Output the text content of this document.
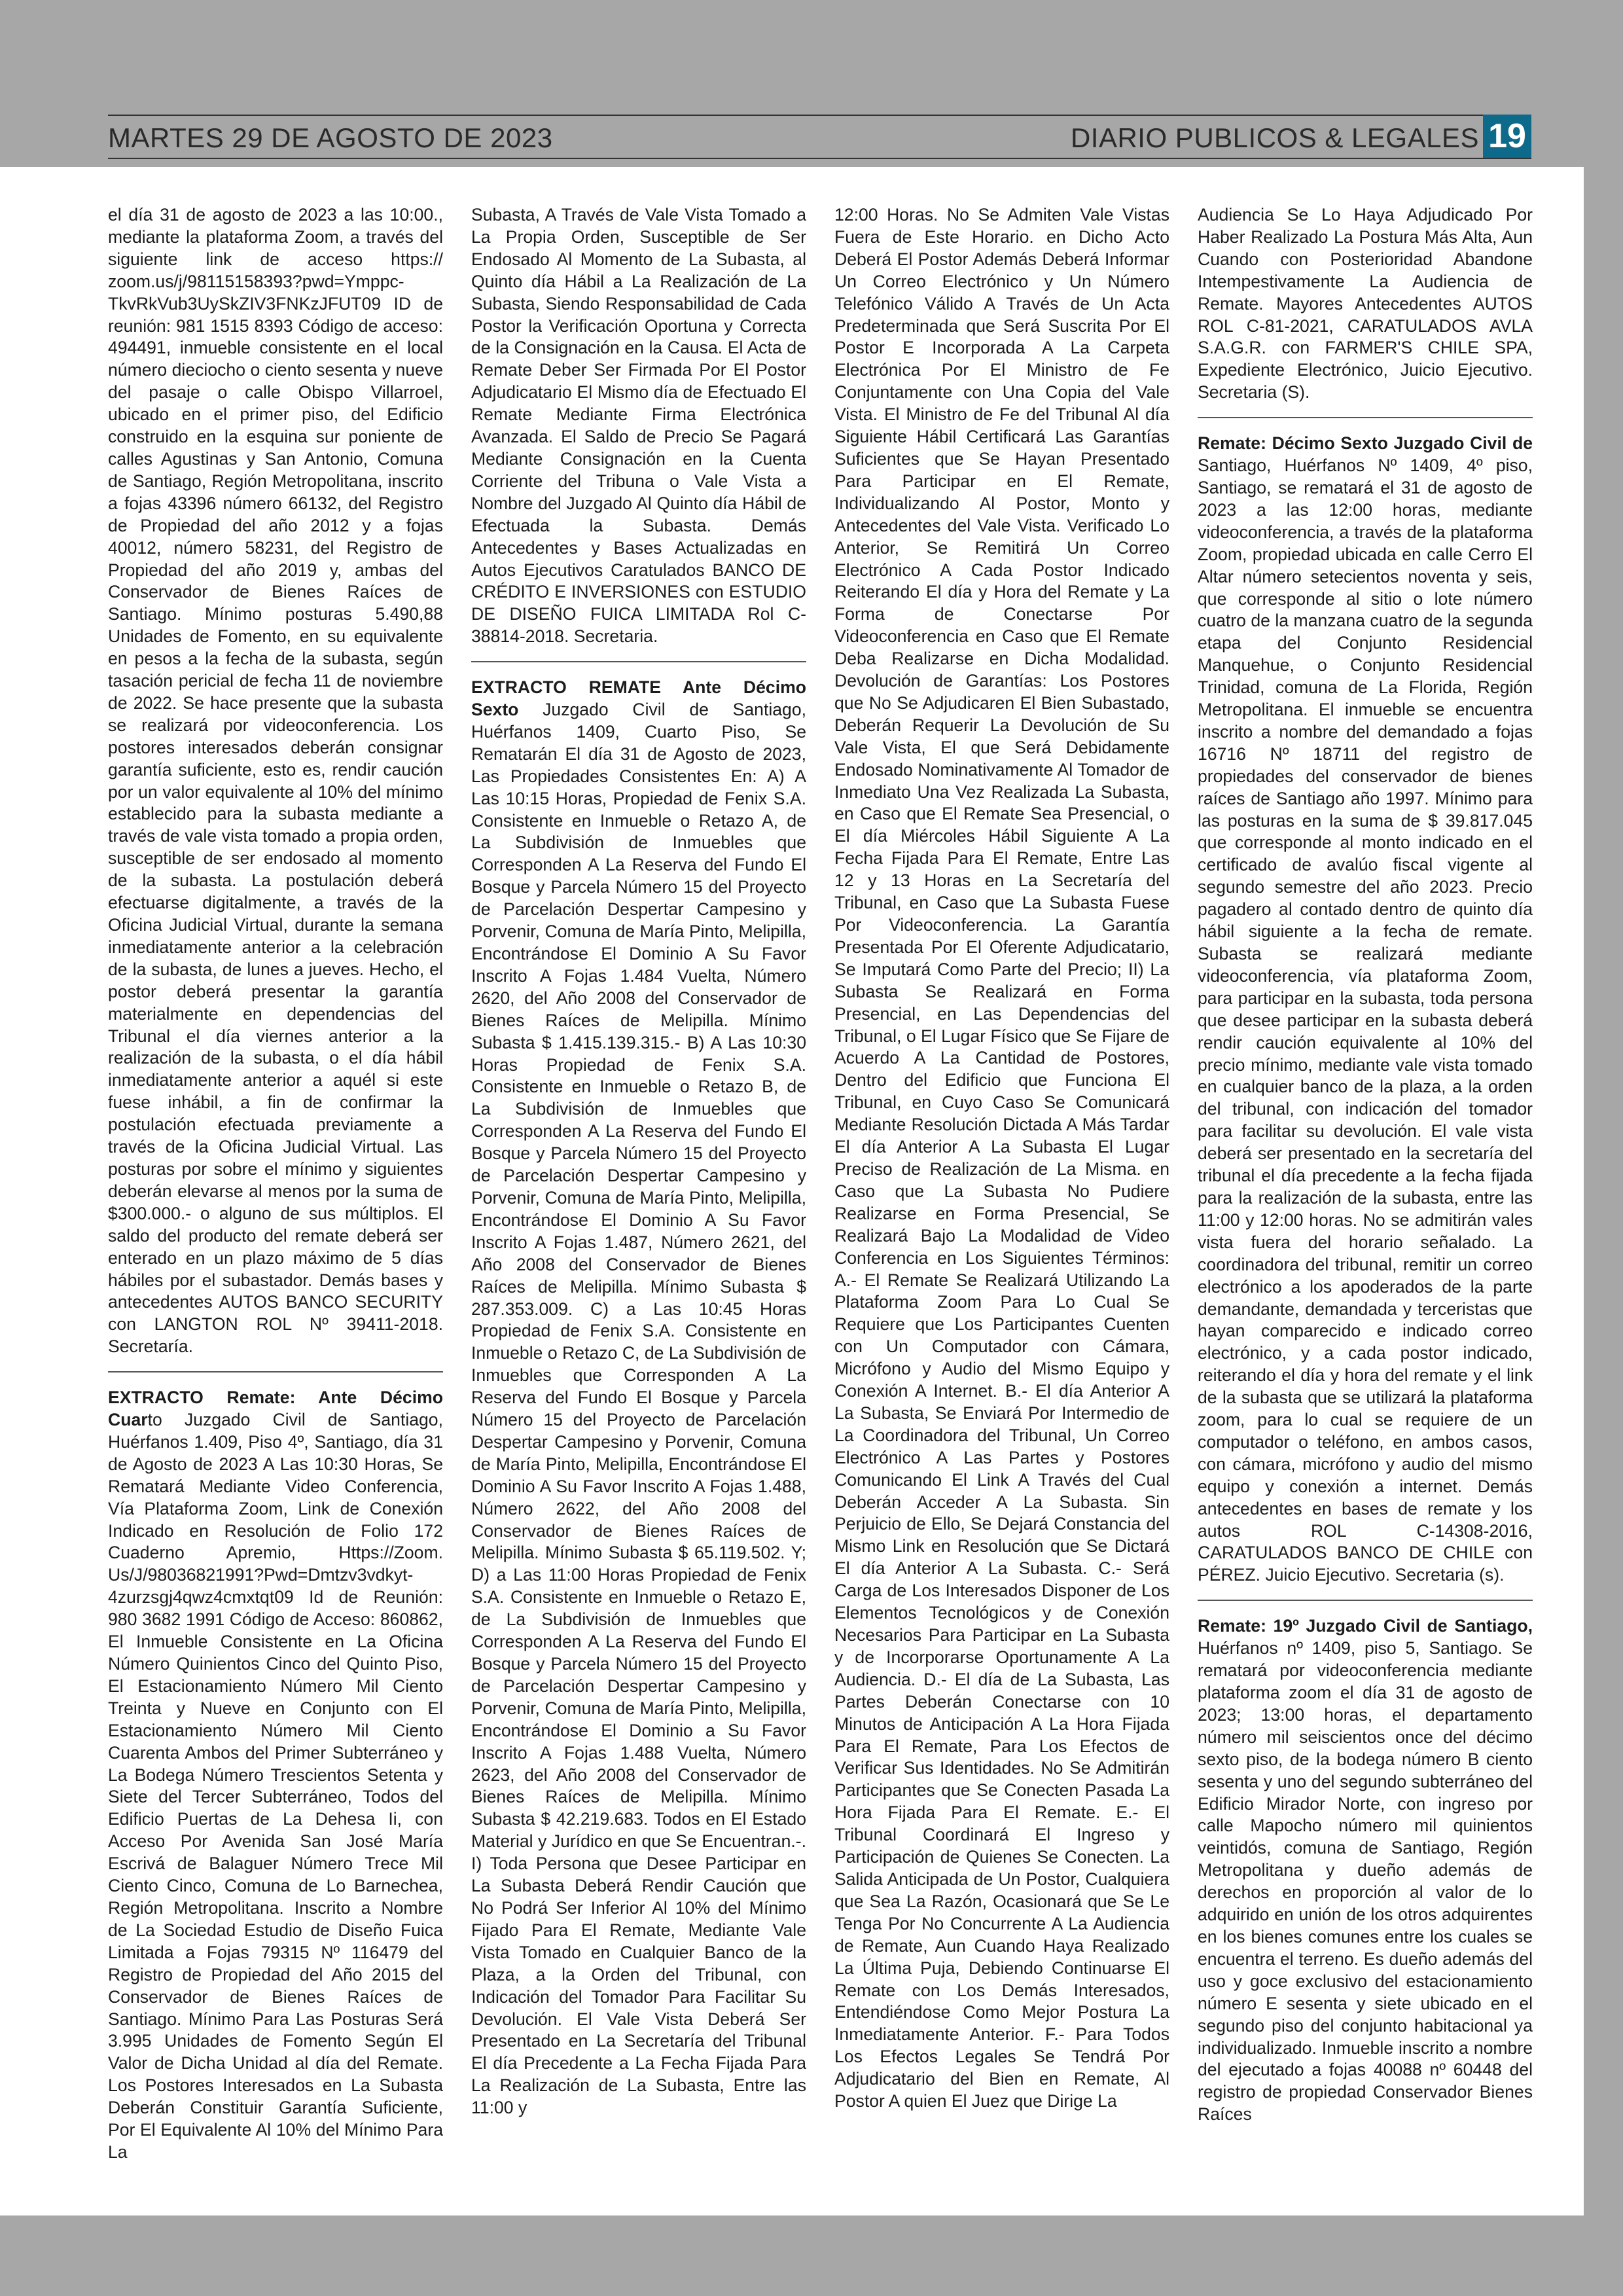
MARTES 29 DE AGOSTO DE 2023	DIARIO PUBLICOS & LEGALES 19

el día 31 de agosto de 2023 a las 10:00., mediante la plataforma Zoom, a través del siguiente link de acceso https:// zoom.us/j/98115158393?pwd=Ymppc-TkvRkVub3UySkZIV3FNKzJFUT09 ID de reunión: 981 1515 8393 Código de acceso: 494491, inmueble consistente en el local número dieciocho o ciento sesenta y nueve del pasaje o calle Obispo Villarroel, ubicado en el primer piso, del Edificio construido en la esquina sur poniente de calles Agustinas y San Antonio, Comuna de Santiago, Región Metropolitana, inscrito a fojas 43396 número 66132, del Registro de Propiedad del año 2012 y a fojas 40012, número 58231, del Registro de Propiedad del año 2019 y, ambas del Conservador de Bienes Raíces de Santiago. Mínimo posturas 5.490,88 Unidades de Fomento, en su equivalente en pesos a la fecha de la subasta, según tasación pericial de fecha 11 de noviembre de 2022. Se hace presente que la subasta se realizará por videoconferencia. Los postores interesados deberán consignar garantía suficiente, esto es, rendir caución por un valor equivalente al 10% del mínimo establecido para la subasta mediante a través de vale vista tomado a propia orden, susceptible de ser endosado al momento de la subasta. La postulación deberá efectuarse digitalmente, a través de la Oficina Judicial Virtual, durante la semana inmediatamente anterior a la celebración de la subasta, de lunes a jueves. Hecho, el postor deberá presentar la garantía materialmente en dependencias del Tribunal el día viernes anterior a la realización de la subasta, o el día hábil inmediatamente anterior a aquél si este fuese inhábil, a fin de confirmar la postulación efectuada previamente a través de la Oficina Judicial Virtual. Las posturas por sobre el mínimo y siguientes deberán elevarse al menos por la suma de $300.000.- o alguno de sus múltiplos. El saldo del producto del remate deberá ser enterado en un plazo máximo de 5 días hábiles por el subastador. Demás bases y antecedentes AUTOS BANCO SECURITY con LANGTON ROL Nº 39411-2018. Secretaría.

EXTRACTO Remate: Ante Décimo Cuarto Juzgado Civil de Santiago, Huérfanos 1.409, Piso 4º, Santiago, día 31 de Agosto de 2023 A Las 10:30 Horas, Se Rematará Mediante Video Conferencia, Vía Plataforma Zoom, Link de Conexión Indicado en Resolución de Folio 172 Cuaderno Apremio, Https://Zoom. Us/J/98036821991?Pwd=Dmtzv3vdkyt-4zurzsgj4qwz4cmxtqt09 Id de Reunión: 980 3682 1991 Código de Acceso: 860862, El Inmueble Consistente en La Oficina Número Quinientos Cinco del Quinto Piso, El Estacionamiento Número Mil Ciento Treinta y Nueve en Conjunto con El Estacionamiento Número Mil Ciento Cuarenta Ambos del Primer Subterráneo y La Bodega Número Trescientos Setenta y Siete del Tercer Subterráneo, Todos del Edificio Puertas de La Dehesa Ii, con Acceso Por Avenida San José María Escrivá de Balaguer Número Trece Mil Ciento Cinco, Comuna de Lo Barnechea, Región Metropolitana. Inscrito a Nombre de La Sociedad Estudio de Diseño Fuica Limitada a Fojas 79315 Nº 116479 del Registro de Propiedad del Año 2015 del Conservador de Bienes Raíces de Santiago. Mínimo Para Las Posturas Será 3.995 Unidades de Fomento Según El Valor de Dicha Unidad al día del Remate. Los Postores Interesados en La Subasta Deberán Constituir Garantía Suficiente, Por El Equivalente Al 10% del Mínimo Para La

Subasta, A Través de Vale Vista Tomado a La Propia Orden, Susceptible de Ser Endosado Al Momento de La Subasta, al Quinto día Hábil a La Realización de La Subasta, Siendo Responsabilidad de Cada Postor la Verificación Oportuna y Correcta de la Consignación en la Causa. El Acta de Remate Deber Ser Firmada Por El Postor Adjudicatario El Mismo día de Efectuado El Remate Mediante Firma Electrónica Avanzada. El Saldo de Precio Se Pagará Mediante Consignación en la Cuenta Corriente del Tribuna o Vale Vista a Nombre del Juzgado Al Quinto día Hábil de Efectuada la Subasta. Demás Antecedentes y Bases Actualizadas en Autos Ejecutivos Caratulados BANCO DE CRÉDITO E INVERSIONES con ESTUDIO DE DISEÑO FUICA LIMITADA Rol C-38814-2018. Secretaria.

EXTRACTO REMATE Ante Décimo Sexto Juzgado Civil de Santiago, Huérfanos 1409, Cuarto Piso, Se Rematarán El día 31 de Agosto de 2023, Las Propiedades Consistentes En: A) A Las 10:15 Horas, Propiedad de Fenix S.A. Consistente en Inmueble o Retazo A, de La Subdivisión de Inmuebles que Corresponden A La Reserva del Fundo El Bosque y Parcela Número 15 del Proyecto de Parcelación Despertar Campesino y Porvenir, Comuna de María Pinto, Melipilla, Encontrándose El Dominio A Su Favor Inscrito A Fojas 1.484 Vuelta, Número 2620, del Año 2008 del Conservador de Bienes Raíces de Melipilla. Mínimo Subasta $ 1.415.139.315.- B) A Las 10:30 Horas Propiedad de Fenix S.A. Consistente en Inmueble o Retazo B, de La Subdivisión de Inmuebles que Corresponden A La Reserva del Fundo El Bosque y Parcela Número 15 del Proyecto de Parcelación Despertar Campesino y Porvenir, Comuna de María Pinto, Melipilla, Encontrándose El Dominio A Su Favor Inscrito A Fojas 1.487, Número 2621, del Año 2008 del Conservador de Bienes Raíces de Melipilla. Mínimo Subasta $ 287.353.009. C) a Las 10:45 Horas Propiedad de Fenix S.A. Consistente en Inmueble o Retazo C, de La Subdivisión de Inmuebles que Corresponden A La Reserva del Fundo El Bosque y Parcela Número 15 del Proyecto de Parcelación Despertar Campesino y Porvenir, Comuna de María Pinto, Melipilla, Encontrándose El Dominio A Su Favor Inscrito A Fojas 1.488, Número 2622, del Año 2008 del Conservador de Bienes Raíces de Melipilla. Mínimo Subasta $ 65.119.502. Y; D) a Las 11:00 Horas Propiedad de Fenix S.A. Consistente en Inmueble o Retazo E, de La Subdivisión de Inmuebles que Corresponden A La Reserva del Fundo El Bosque y Parcela Número 15 del Proyecto de Parcelación Despertar Campesino y Porvenir, Comuna de María Pinto, Melipilla, Encontrándose El Dominio a Su Favor Inscrito A Fojas 1.488 Vuelta, Número 2623, del Año 2008 del Conservador de Bienes Raíces de Melipilla. Mínimo Subasta $ 42.219.683. Todos en El Estado Material y Jurídico en que Se Encuentran.-. I) Toda Persona que Desee Participar en La Subasta Deberá Rendir Caución que No Podrá Ser Inferior Al 10% del Mínimo Fijado Para El Remate, Mediante Vale Vista Tomado en Cualquier Banco de la Plaza, a la Orden del Tribunal, con Indicación del Tomador Para Facilitar Su Devolución. El Vale Vista Deberá Ser Presentado en La Secretaría del Tribunal El día Precedente a La Fecha Fijada Para La Realización de La Subasta, Entre las 11:00 y

12:00 Horas. No Se Admiten Vale Vistas Fuera de Este Horario. en Dicho Acto Deberá El Postor Además Deberá Informar Un Correo Electrónico y Un Número Telefónico Válido A Través de Un Acta Predeterminada que Será Suscrita Por El Postor E Incorporada A La Carpeta Electrónica Por El Ministro de Fe Conjuntamente con Una Copia del Vale Vista. El Ministro de Fe del Tribunal Al día Siguiente Hábil Certificará Las Garantías Suficientes que Se Hayan Presentado Para Participar en El Remate, Individualizando Al Postor, Monto y Antecedentes del Vale Vista. Verificado Lo Anterior, Se Remitirá Un Correo Electrónico A Cada Postor Indicado Reiterando El día y Hora del Remate y La Forma de Conectarse Por Videoconferencia en Caso que El Remate Deba Realizarse en Dicha Modalidad. Devolución de Garantías: Los Postores que No Se Adjudicaren El Bien Subastado, Deberán Requerir La Devolución de Su Vale Vista, El que Será Debidamente Endosado Nominativamente Al Tomador de Inmediato Una Vez Realizada La Subasta, en Caso que El Remate Sea Presencial, o El día Miércoles Hábil Siguiente A La Fecha Fijada Para El Remate, Entre Las 12 y 13 Horas en La Secretaría del Tribunal, en Caso que La Subasta Fuese Por Videoconferencia. La Garantía Presentada Por El Oferente Adjudicatario, Se Imputará Como Parte del Precio; II) La Subasta Se Realizará en Forma Presencial, en Las Dependencias del Tribunal, o El Lugar Físico que Se Fijare de Acuerdo A La Cantidad de Postores, Dentro del Edificio que Funciona El Tribunal, en Cuyo Caso Se Comunicará Mediante Resolución Dictada A Más Tardar El día Anterior A La Subasta El Lugar Preciso de Realización de La Misma. en Caso que La Subasta No Pudiere Realizarse en Forma Presencial, Se Realizará Bajo La Modalidad de Video Conferencia en Los Siguientes Términos: A.- El Remate Se Realizará Utilizando La Plataforma Zoom Para Lo Cual Se Requiere que Los Participantes Cuenten con Un Computador con Cámara, Micrófono y Audio del Mismo Equipo y Conexión A Internet. B.- El día Anterior A La Subasta, Se Enviará Por Intermedio de La Coordinadora del Tribunal, Un Correo Electrónico A Las Partes y Postores Comunicando El Link A Través del Cual Deberán Acceder A La Subasta. Sin Perjuicio de Ello, Se Dejará Constancia del Mismo Link en Resolución que Se Dictará El día Anterior A La Subasta. C.- Será Carga de Los Interesados Disponer de Los Elementos Tecnológicos y de Conexión Necesarios Para Participar en La Subasta y de Incorporarse Oportunamente A La Audiencia. D.- El día de La Subasta, Las Partes Deberán Conectarse con 10 Minutos de Anticipación A La Hora Fijada Para El Remate, Para Los Efectos de Verificar Sus Identidades. No Se Admitirán Participantes que Se Conecten Pasada La Hora Fijada Para El Remate. E.- El Tribunal Coordinará El Ingreso y Participación de Quienes Se Conecten. La Salida Anticipada de Un Postor, Cualquiera que Sea La Razón, Ocasionará que Se Le Tenga Por No Concurrente A La Audiencia de Remate, Aun Cuando Haya Realizado La Última Puja, Debiendo Continuarse El Remate con Los Demás Interesados, Entendiéndose Como Mejor Postura La Inmediatamente Anterior. F.- Para Todos Los Efectos Legales Se Tendrá Por Adjudicatario del Bien en Remate, Al Postor A quien El Juez que Dirige La

Audiencia Se Lo Haya Adjudicado Por Haber Realizado La Postura Más Alta, Aun Cuando con Posterioridad Abandone Intempestivamente La Audiencia de Remate. Mayores Antecedentes AUTOS ROL C-81-2021, CARATULADOS AVLA S.A.G.R. con FARMER'S CHILE SPA, Expediente Electrónico, Juicio Ejecutivo. Secretaria (S).

Remate: Décimo Sexto Juzgado Civil de Santiago, Huérfanos Nº 1409, 4º piso, Santiago, se rematará el 31 de agosto de 2023 a las 12:00 horas, mediante videoconferencia, a través de la plataforma Zoom, propiedad ubicada en calle Cerro El Altar número setecientos noventa y seis, que corresponde al sitio o lote número cuatro de la manzana cuatro de la segunda etapa del Conjunto Residencial Manquehue, o Conjunto Residencial Trinidad, comuna de La Florida, Región Metropolitana. El inmueble se encuentra inscrito a nombre del demandado a fojas 16716 Nº 18711 del registro de propiedades del conservador de bienes raíces de Santiago año 1997. Mínimo para las posturas en la suma de $ 39.817.045 que corresponde al monto indicado en el certificado de avalúo fiscal vigente al segundo semestre del año 2023. Precio pagadero al contado dentro de quinto día hábil siguiente a la fecha de remate. Subasta se realizará mediante videoconferencia, vía plataforma Zoom, para participar en la subasta, toda persona que desee participar en la subasta deberá rendir caución equivalente al 10% del precio mínimo, mediante vale vista tomado en cualquier banco de la plaza, a la orden del tribunal, con indicación del tomador para facilitar su devolución. El vale vista deberá ser presentado en la secretaría del tribunal el día precedente a la fecha fijada para la realización de la subasta, entre las 11:00 y 12:00 horas. No se admitirán vales vista fuera del horario señalado. La coordinadora del tribunal, remitir un correo electrónico a los apoderados de la parte demandante, demandada y terceristas que hayan comparecido e indicado correo electrónico, y a cada postor indicado, reiterando el día y hora del remate y el link de la subasta que se utilizará la plataforma zoom, para lo cual se requiere de un computador o teléfono, en ambos casos, con cámara, micrófono y audio del mismo equipo y conexión a internet. Demás antecedentes en bases de remate y los autos ROL C-14308-2016, CARATULADOS BANCO DE CHILE con PÉREZ. Juicio Ejecutivo. Secretaria (s).

Remate: 19º Juzgado Civil de Santiago, Huérfanos nº 1409, piso 5, Santiago. Se rematará por videoconferencia mediante plataforma zoom el día 31 de agosto de 2023; 13:00 horas, el departamento número mil seiscientos once del décimo sexto piso, de la bodega número B ciento sesenta y uno del segundo subterráneo del Edificio Mirador Norte, con ingreso por calle Mapocho número mil quinientos veintidós, comuna de Santiago, Región Metropolitana y dueño además de derechos en proporción al valor de lo adquirido en unión de los otros adquirentes en los bienes comunes entre los cuales se encuentra el terreno. Es dueño además del uso y goce exclusivo del estacionamiento número E sesenta y siete ubicado en el segundo piso del conjunto habitacional ya individualizado. Inmueble inscrito a nombre del ejecutado a fojas 40088 nº 60448 del registro de propiedad Conservador Bienes Raíces
